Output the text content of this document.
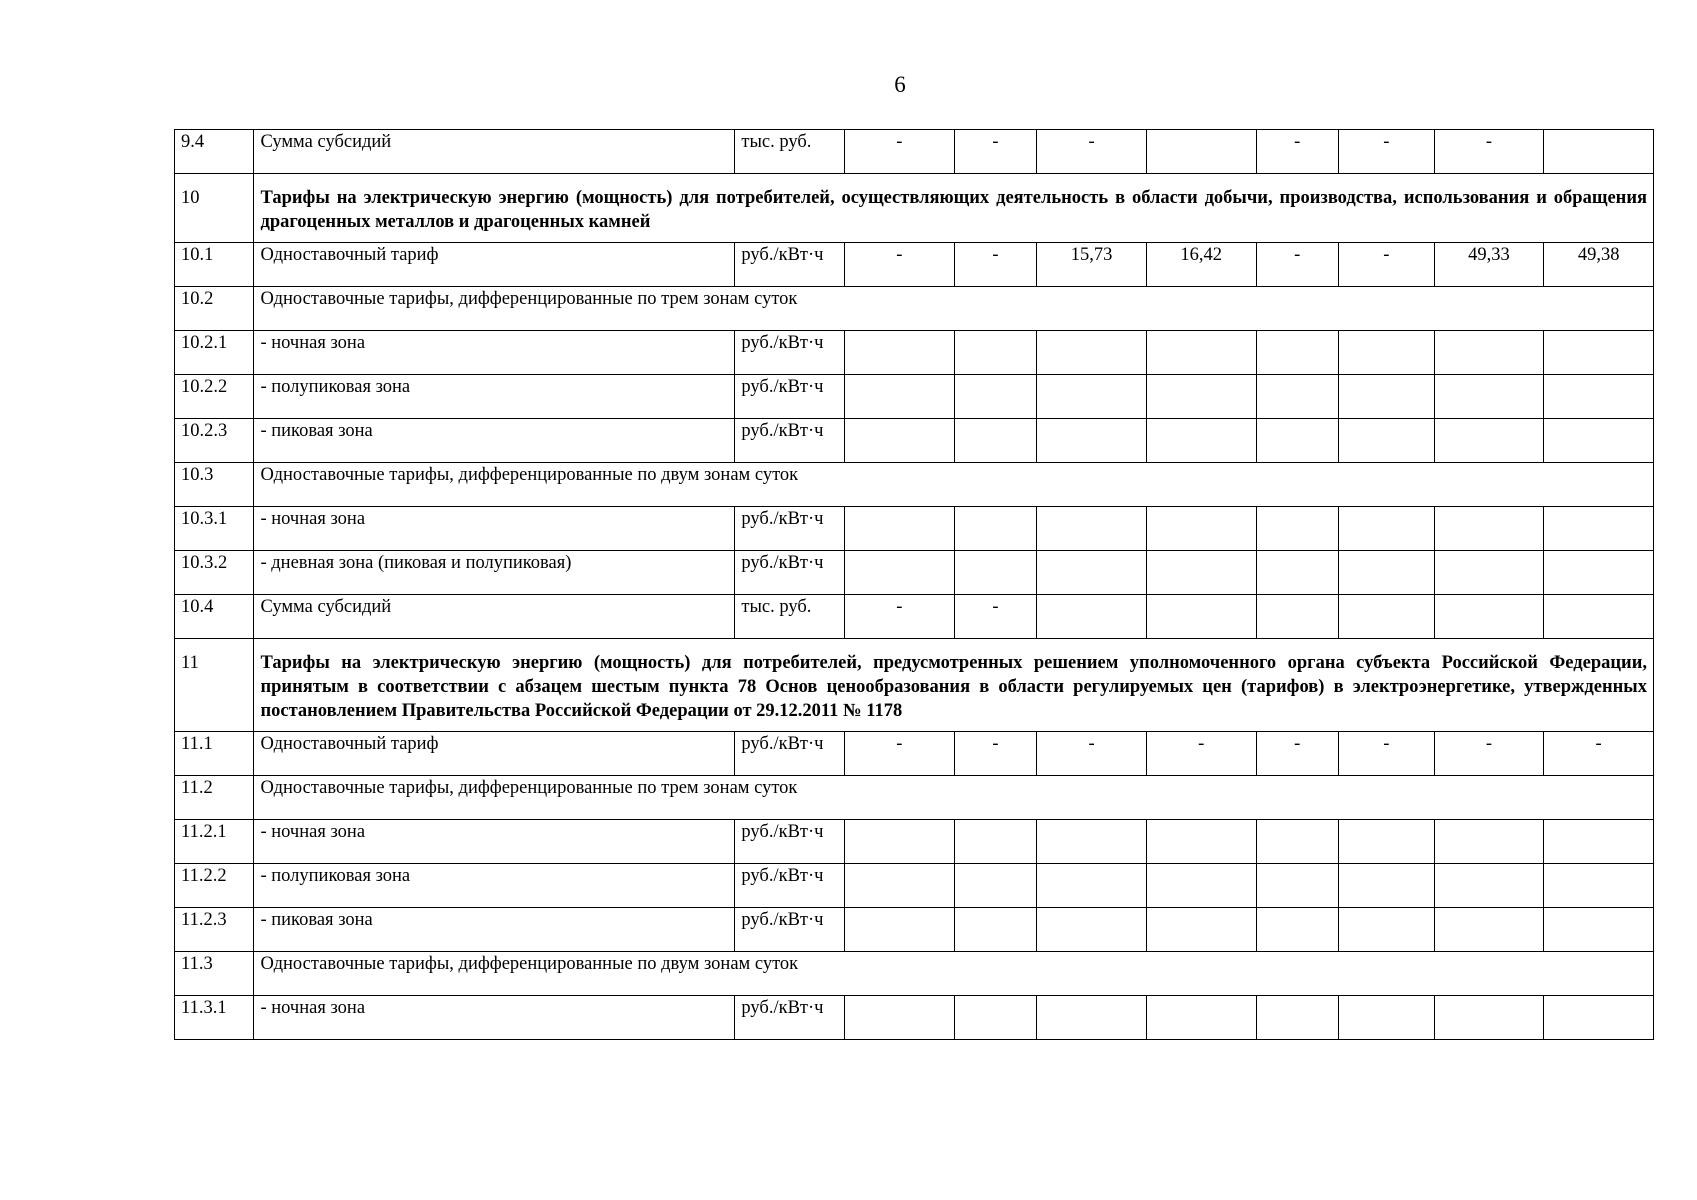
6
9.4	Сумма субсидий	тыс. руб.	-	-	-		-	-	-	
10	Тарифы на электрическую энергию (мощность) для потребителей, осуществляющих деятельность в области добычи, производства, использования и обращения драгоценных металлов и драгоценных камней									
10.1	Одноставочный тариф	руб./кВт·ч	-	-	15,73	16,42	-	-	49,33	49,38
10.2	Одноставочные тарифы, дифференцированные по трем зонам суток									
10.2.1	- ночная зона	руб./кВт·ч								
10.2.2	- полупиковая зона	руб./кВт·ч								
10.2.3	- пиковая зона	руб./кВт·ч								
10.3	Одноставочные тарифы, дифференцированные по двум зонам суток									
10.3.1	- ночная зона	руб./кВт·ч								
10.3.2	- дневная зона (пиковая и полупиковая)	руб./кВт·ч								
10.4	Сумма субсидий	тыс. руб.	-	-						
11	Тарифы на электрическую энергию (мощность) для потребителей, предусмотренных решением уполномоченного органа субъекта Российской Федерации, принятым в соответствии с абзацем шестым пункта 78 Основ ценообразования в области регулируемых цен (тарифов) в электроэнергетике, утвержденных постановлением Правительства Российской Федерации от 29.12.2011 № 1178									
11.1	Одноставочный тариф	руб./кВт·ч	-	-	-	-	-	-	-	-
11.2	Одноставочные тарифы, дифференцированные по трем зонам суток									
11.2.1	- ночная зона	руб./кВт·ч								
11.2.2	- полупиковая зона	руб./кВт·ч								
11.2.3	- пиковая зона	руб./кВт·ч								
11.3	Одноставочные тарифы, дифференцированные по двум зонам суток									
11.3.1	- ночная зона	руб./кВт·ч								
